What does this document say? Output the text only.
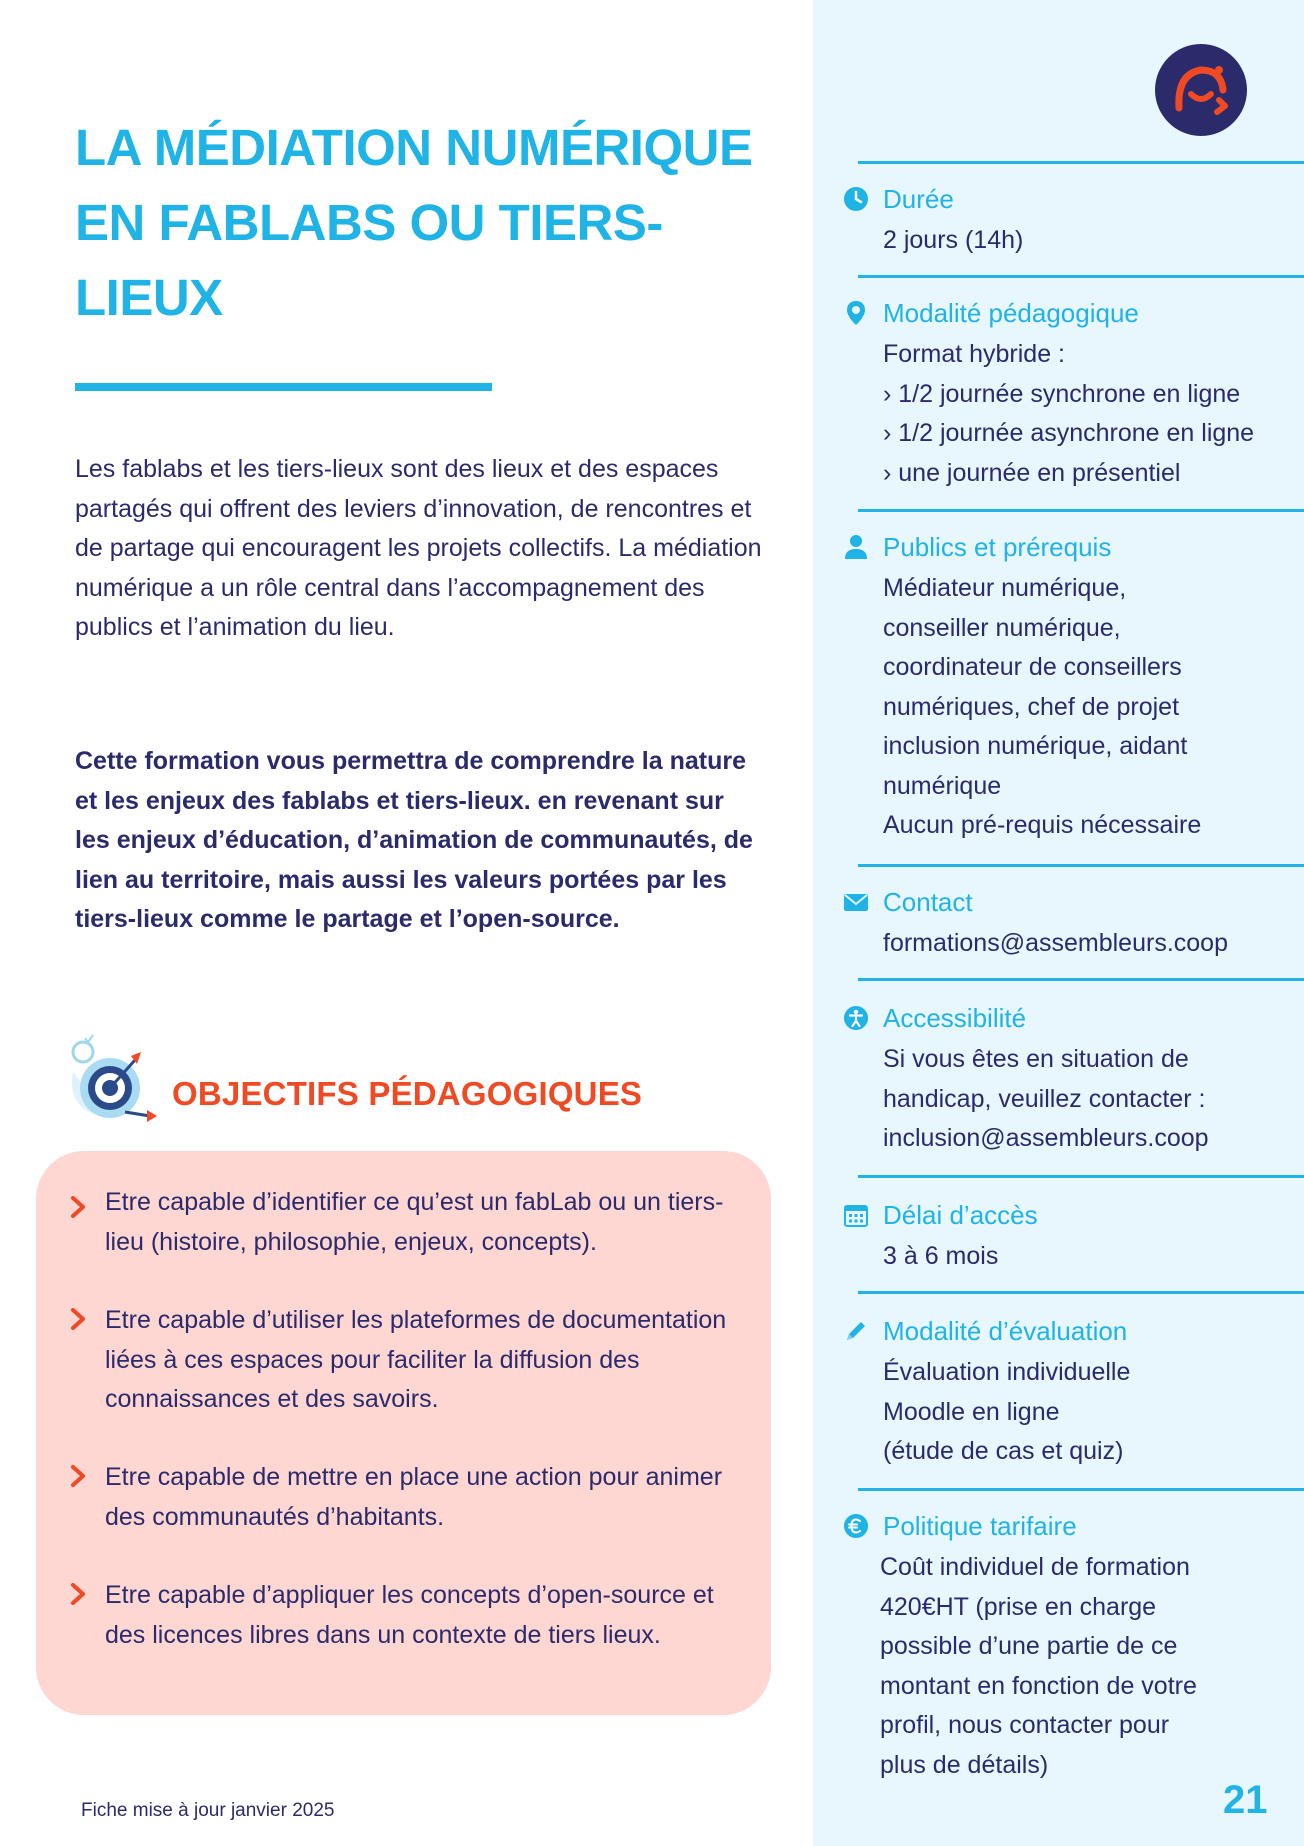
LA MÉDIATION NUMÉRIQUE EN FABLABS OU TIERS-LIEUX

Les fablabs et les tiers-lieux sont des lieux et des espaces partagés qui offrent des leviers d’innovation, de rencontres et de partage qui encouragent les projets collectifs. La médiation numérique a un rôle central dans l’accompagnement des publics et l’animation du lieu.

Cette formation vous permettra de comprendre la nature et les enjeux des fablabs et tiers-lieux. en revenant sur les enjeux d’éducation, d’animation de communautés, de lien au territoire, mais aussi les valeurs portées par les tiers-lieux comme le partage et l’open-source.

OBJECTIFS PÉDAGOGIQUES
Etre capable d’identifier ce qu’est un fabLab ou un tiers-lieu (histoire, philosophie, enjeux, concepts).
Etre capable d’utiliser les plateformes de documentation liées à ces espaces pour faciliter la diffusion des connaissances et des savoirs.
Etre capable de mettre en place une action pour animer des communautés d’habitants.
Etre capable d’appliquer les concepts d’open-source et des licences libres dans un contexte de tiers lieux.
Fiche mise à jour janvier 2025
Durée
2 jours (14h)
Modalité pédagogique
Format hybride :
› 1/2 journée synchrone en ligne
› 1/2 journée asynchrone en ligne
› une journée en présentiel
Publics et prérequis
Médiateur numérique,
conseiller numérique,
coordinateur de conseillers
numériques, chef de projet
inclusion numérique, aidant
numérique
Aucun pré-requis nécessaire
Contact
formations@assembleurs.coop
Accessibilité
Si vous êtes en situation de
handicap, veuillez contacter :
inclusion@assembleurs.coop
Délai d’accès
3 à 6 mois
Modalité d’évaluation
Évaluation individuelle
Moodle en ligne
(étude de cas et quiz)
Politique tarifaire
Coût individuel de formation
420€HT (prise en charge
possible d’une partie de ce
montant en fonction de votre
profil, nous contacter pour
plus de détails)
21
